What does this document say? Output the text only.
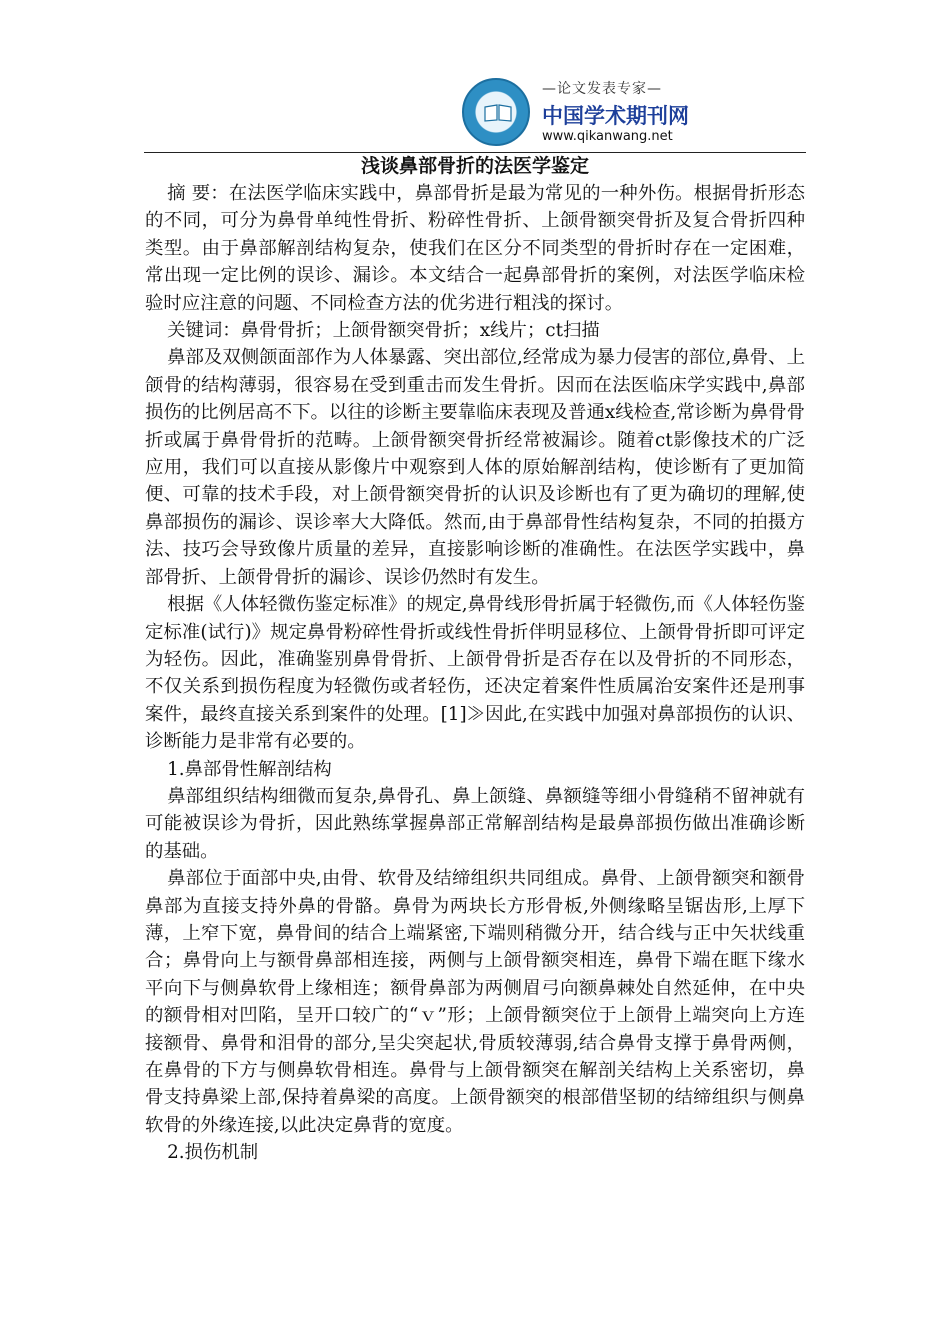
—论文发表专家—
中国学术期刊网
www.qikanwang.net
浅谈鼻部骨折的法医学鉴定

摘 要：在法医学临床实践中，鼻部骨折是最为常见的一种外伤。根据骨折形态的不同，可分为鼻骨单纯性骨折、粉碎性骨折、上颌骨额突骨折及复合骨折四种类型。由于鼻部解剖结构复杂，使我们在区分不同类型的骨折时存在一定困难，常出现一定比例的误诊、漏诊。本文结合一起鼻部骨折的案例，对法医学临床检验时应注意的问题、不同检查方法的优劣进行粗浅的探讨。

关键词：鼻骨骨折；上颌骨额突骨折；x线片；ct扫描

鼻部及双侧颌面部作为人体暴露、突出部位,经常成为暴力侵害的部位,鼻骨、上颌骨的结构薄弱，很容易在受到重击而发生骨折。因而在法医临床学实践中,鼻部损伤的比例居高不下。以往的诊断主要靠临床表现及普通x线检查,常诊断为鼻骨骨折或属于鼻骨骨折的范畴。上颌骨额突骨折经常被漏诊。随着ct影像技术的广泛应用，我们可以直接从影像片中观察到人体的原始解剖结构，使诊断有了更加简便、可靠的技术手段，对上颌骨额突骨折的认识及诊断也有了更为确切的理解,使鼻部损伤的漏诊、误诊率大大降低。然而,由于鼻部骨性结构复杂，不同的拍摄方法、技巧会导致像片质量的差异，直接影响诊断的准确性。在法医学实践中，鼻部骨折、上颌骨骨折的漏诊、误诊仍然时有发生。

根据《人体轻微伤鉴定标准》的规定,鼻骨线形骨折属于轻微伤,而《人体轻伤鉴定标准(试行)》规定鼻骨粉碎性骨折或线性骨折伴明显移位、上颌骨骨折即可评定为轻伤。因此，准确鉴别鼻骨骨折、上颌骨骨折是否存在以及骨折的不同形态，不仅关系到损伤程度为轻微伤或者轻伤，还决定着案件性质属治安案件还是刑事案件，最终直接关系到案件的处理。[1]≫因此,在实践中加强对鼻部损伤的认识、诊断能力是非常有必要的。

1.鼻部骨性解剖结构

鼻部组织结构细微而复杂,鼻骨孔、鼻上颌缝、鼻额缝等细小骨缝稍不留神就有可能被误诊为骨折，因此熟练掌握鼻部正常解剖结构是最鼻部损伤做出准确诊断的基础。

鼻部位于面部中央,由骨、软骨及结缔组织共同组成。鼻骨、上颌骨额突和额骨鼻部为直接支持外鼻的骨骼。鼻骨为两块长方形骨板,外侧缘略呈锯齿形,上厚下薄，上窄下宽，鼻骨间的结合上端紧密,下端则稍微分开，结合线与正中矢状线重合；鼻骨向上与额骨鼻部相连接，两侧与上颌骨额突相连，鼻骨下端在眶下缘水平向下与侧鼻软骨上缘相连；额骨鼻部为两侧眉弓向额鼻棘处自然延伸，在中央的额骨相对凹陷，呈开口较广的“ｖ”形；上颌骨额突位于上颌骨上端突向上方连接额骨、鼻骨和泪骨的部分,呈尖突起状,骨质较薄弱,结合鼻骨支撑于鼻骨两侧，在鼻骨的下方与侧鼻软骨相连。鼻骨与上颌骨额突在解剖关结构上关系密切，鼻骨支持鼻梁上部,保持着鼻梁的高度。上颌骨额突的根部借坚韧的结缔组织与侧鼻软骨的外缘连接,以此决定鼻背的宽度。

2.损伤机制
